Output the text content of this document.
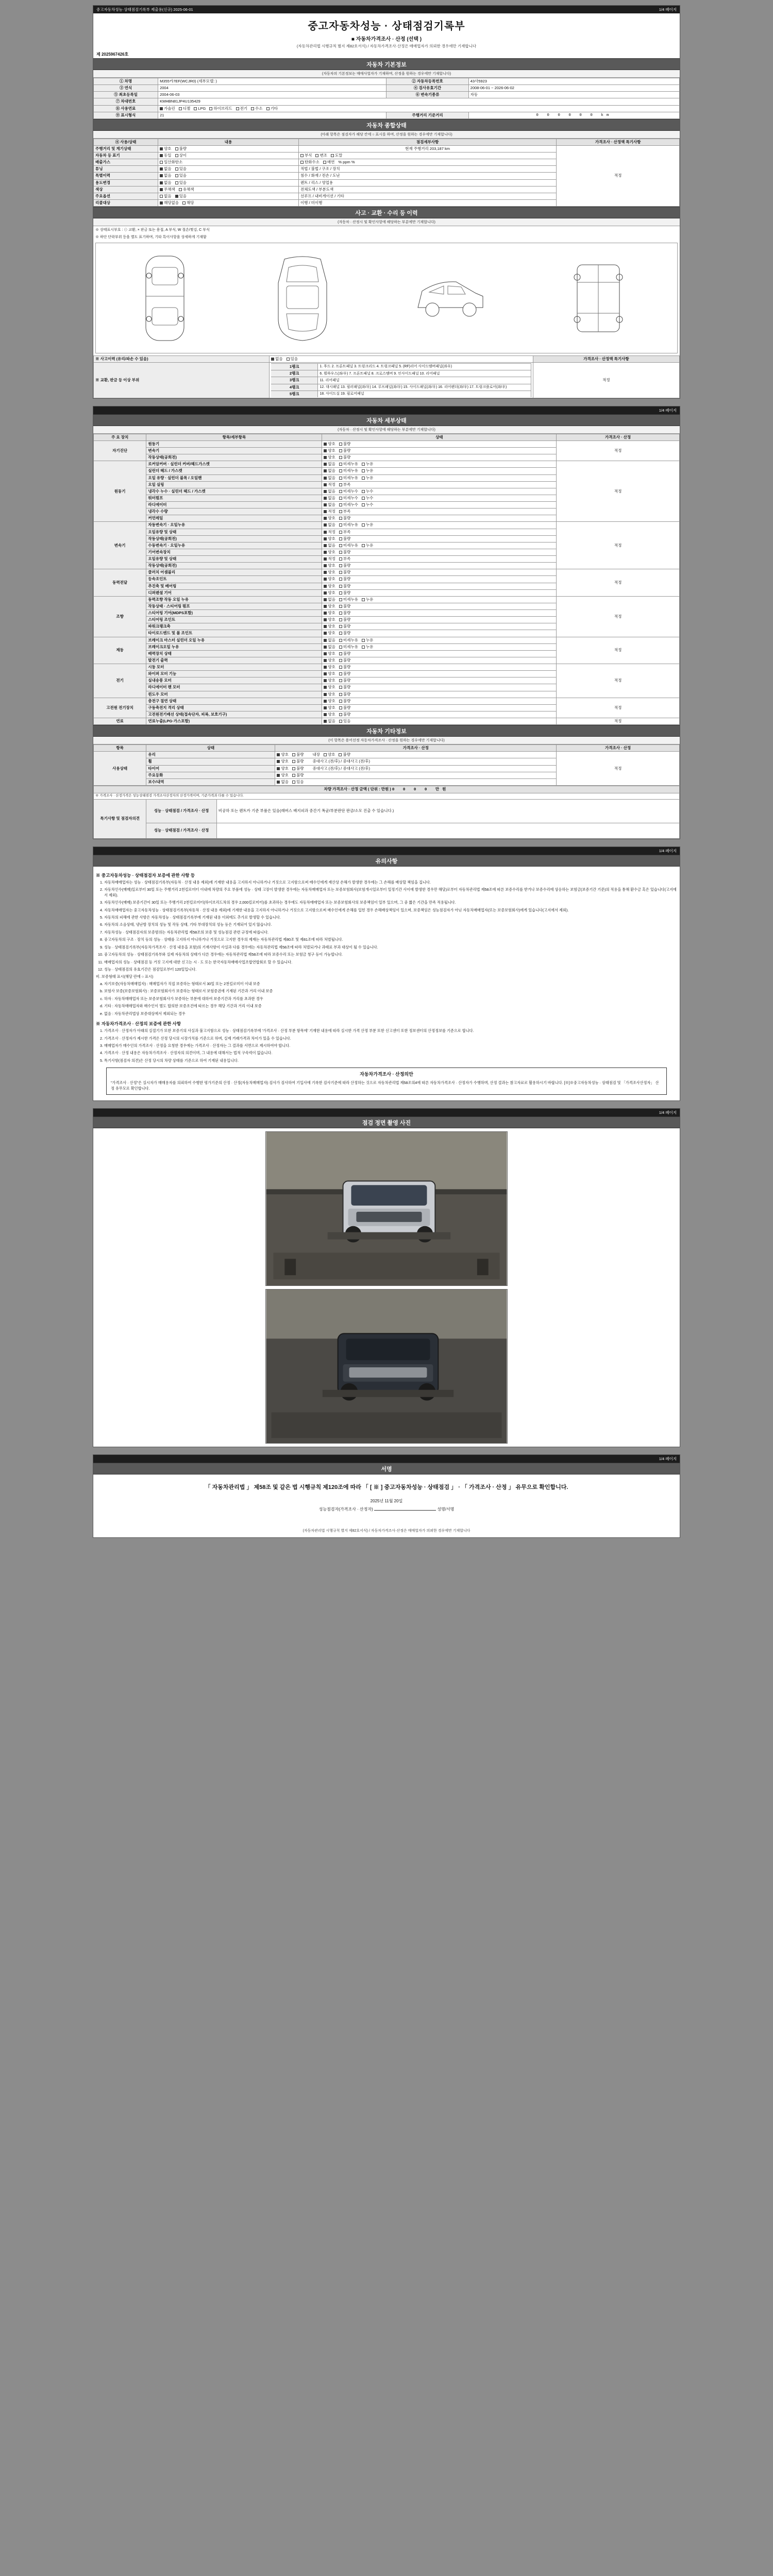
중고자동차성능·상태점검기록부 제출용(신규) 2025-06-01	1/4 페이지
중고자동차성능 · 상태점검기록부
■ 자동차가격조사 · 산정 (선택 )
(자동차관리법 시행규칙 별지 제82호서식) / 자동차가격조사·산정은 매매업자가 의뢰한 경우에만 기재합니다
제 2025967426호
자동차 기본정보
(자동차의 기본정보는 매매사업자가 기재하며, 산정을 원하는 경우에만 기재합니다)
① 차명	M355카7EF(WCJR0) (세부모델: )	② 자동차등록번호	43사5923
③ 연식	2004	④ 검사유효기간	2008-06-01 ~ 2026-06-02
⑤ 최초등록일	2004-06-03	⑥ 변속기종류	자동
⑦ 차대번호	KMHBN81JP4U135429		
⑧ 사용연료	가솔린	디젤	LPG	하이브리드	전기	수소	기타

⑨ 표시형식	21	주행거리 기준거리	0 0 0 0 0 0 km
자동차 종합상태
(아래 항목은 점검자가 해당 칸에 ○ 표시를 하며, 산정을 원하는 경우에만 기재합니다)
④ 사용/상태	내용	점검세부사항	가격조사 · 산정액 특기사항
주행거리 및 계기상태	양호 불량	현재 주행거리 203,187 km	적정
자동차 등 표기	동일 상이	부식 변조 도말	

배출가스	일산화탄소	탄화수소 매연 % ppm %	

튜닝	없음 있음	적법 / 불법 / 구조 / 장치	
특별이력	없음 있음	침수 / 화재 / 전손 / 도난	
용도변경	없음 있음	렌트 / 리스 / 영업용	
색상	무채색 유채색	전체도색 / 부분도색	
주요옵션	없음 있음	선루프 / 내비게이션 / 기타	
리콜대상	해당없음 해당	이행 / 미이행	
사고 · 교환 · 수리 등 이력
(자동차 · 산정시 및 확인사항에 해당하는 부분에만 기재합니다)
※ 상태표시부호 : ⊙ 교환, × 판금 또는 용접, A 부식, W 절손/찢김, C 부식
※ 하단 단락부위 등을 별도 표기하며, 기타 특이사항을 상세하게 기재함
※ 사고이력 (유리/파손 수 있음)	없음	있음	가격조사 · 산정액 특기사항
※ 교환, 판금 등 이상 부위	
1랭크	1. 후드 2. 프론트패널 3. 트렁크리드 4. 트렁크패널 5. (RF)리어 사이드멤버패널(좌우)
2랭크	6. 휠하우스(좌/우) 7. 프론트패널 8. 크로스멤버 9. 인사이드패널 10. 리어패널
3랭크	11. 리어패널
4랭크	12. 대시패널 13. 필러패널(좌/우) 14. 루프패널(좌/우) 15. 사이드패널(좌/우) 16. 리어펜더(좌/우) 17. 트렁크플로어(좌/우)
5랭크	18. 사이드실 19. 필로어패널
	적정
1/4 페이지
자동차 세부상태
(자동차 · 산정시 및 확인사항에 해당하는 부분에만 기재합니다)
주 요 장치	항목/세부항목	상태	가격조사 · 산정
자기진단	원동기	양호 불량	적정
	변속기	양호 불량	

	작동상태(공회전)	양호 불량	

원동기	로커암커버 · 실린더 커버/헤드가스켓	없음 미세누유 누유	적정
	실린더 헤드 / 가스켓	없음 미세누유 누유	

	오일 유량 · 실린더 블록 / 오일팬	없음 미세누유 누유	

	오일 실링	적정 부족	

	냉각수 누수 · 실린더 헤드 / 가스켓	없음 미세누수 누수	

	워터펌프	없음 미세누수 누수	

	라디에이터	없음 미세누수 누수	

	냉각수 수량	적정 부족	

	커먼레일	양호 불량	

변속기	자동변속기 · 오일누유	없음 미세누유 누유	적정
	오일유량 및 상태	적정 부족	

	작동상태(공회전)	양호 불량	

	수동변속기 · 오일누유	없음 미세누유 누유	

	기어변속장치	양호 불량	

	오일유량 및 상태	적정 부족	

	작동상태(공회전)	양호 불량	

동력전달	클러치 어셈블리	양호 불량	적정
	등속조인트	양호 불량	

	추진축 및 베어링	양호 불량	

	디퍼렌셜 기어	양호 불량	

조향	동력조향 작동 오일 누유	없음 미세누유 누유	적정
	작동상태 · 스티어링 펌프	양호 불량	

	스티어링 기어(MDPS포함)	양호 불량	

	스티어링 조인트	양호 불량	

	파워크랭크축	양호 불량	

	타이로드엔드 및 볼 조인트	양호 불량	

제동	브레이크 마스터 실린더 오일 누유	없음 미세누유 누유	적정
	브레이크오일 누유	없음 미세누유 누유	

	배력장치 상태	양호 불량	

	발전기 출력	양호 불량	

전기	시동 모터	양호 불량	적정
	와이퍼 모터 기능	양호 불량	

	실내송풍 모터	양호 불량	

	라디에이터 팬 모터	양호 불량	

	윈도우 모터	양호 불량	

고전원 전기장치	충전구 절연 상태	양호 불량	적정
	구동축전지 격리 상태	양호 불량	

	고전원전기배선 상태(접속단자, 피복, 보호기구)	양호 불량	

연료	연료누출(LPG·가스포함)	없음 있음	적정
자동차 기타정보
(이 항목은 용어선정 자동차가격조사 · 산정을 원하는 경우에만 기재합니다)
항목	상태	가격조사 · 산정	가격조사 · 산정
사용상태	유리	양호 불량 내장 양호 불량	적정
	휠	양호 불량 중대사고 (전/후) / 중대사고 (전/후)	

	타이어	양호 불량 중대사고 (전/후) / 중대사고 (전/후)	

	주요등화	양호 불량	

	보수/내역	없음 있음	
차량 가격조사 · 산정 금액 ( 단위 : 만원 ) 0 0 0 0 만원		
※ 가격조사 · 산정가격은 성능상태점검 가격조사산정자의 산정가격이며, 기준가격과 다를 수 있습니다.		
특기사항 및 점검자의견	성능 · 상태점검 / 가격조사 · 산정	비공하 또는 렌트카 기준 부품은 있음(래버스 배지피과 중간기 폭균/부분판단 판금/소모 진출 수 있습니다.)
	성능 · 상태점검 / 가격조사 · 산정	
1/4 페이지
유의사항
※ 중고자동차성능 · 상태점검자 보증에 관한 사항 등
1. 자동차매매업자는 성능 · 상태점검기록부(자동차 · 산정 내용 제외)에 기재한 내용을 고지하지 아니하거나 거짓으로 고지함으로써 매수인에게 재산상 손해가 발생한 경우에는 그 손해를 배상할 책임을 집니다.
2. 자동차인수(매매)일로부터 30일 또는 주행거리 2천킬로미터 이내에 차량의 주요 부품에 성능 · 상태 고장이 발생한 경우에는 자동차매매업자 또는 보증보험회사(보험개시일로부터 일정기간 사이에 발생한 경우만 해당)로부터 자동차관리법 제58조에 따른 보증수리를 받거나 보증수리에 상응하는 보험금(보증기간 기준)의 적용을 통해 환수금 혹은 있습니다(고지에서 제외).
3. 자동차인수(매매) 보증기간이 30일 또는 주행거리 2천킬로미터(하이브리드차의 경우 2,000킬로미터)를 초과하는 경우에도 자동차매매업자 또는 보증보험회사의 보증책임이 일부 있으며, 그 중 짧은 기간을 만족 적용됩니다.
4. 자동차매매업자는 중고자동차성능 · 상태점검기록부(자동차 · 산정 내용 제외)에 기재한 내용을 고지하지 아니하거나 거짓으로 고지함으로써 매수인에게 손해를 입힌 경우 손해배상책임이 있으며, 보증책임은 성능점검자가 아닌 자동차매매업자(또는 보증보험회사)에게 있습니다(고지에서 제외).
5. 자동차의 피해에 관한 사항은 자동차성능 · 상태점검기록부에 기재된 내용 이외에도 추가로 발생할 수 있습니다.
6. 자동차의 소음상태, 냉난방 장치의 성능 및 작동 상태, 기타 부대장치의 성능 등은 기재되어 있지 않습니다.
7. 자동차성능 · 상태점검자의 보증범위는 자동차관리법 제58조의 보증 및 성능점검 관련 규정에 따릅니다.
8. 중고자동차의 구조 · 장치 등의 성능 · 상태를 고지하지 아니하거나 거짓으로 고지한 경우의 제재는 자동차관리법 제80조 및 제81조에 따라 처벌됩니다.
9. 성능 · 상태점검기록부(자동차가격조사 · 산정 내용을 포함)의 기재사항이 사실과 다를 경우에는 자동차관리법 제58조에 따라 처벌되거나 과태료 부과 대상이 될 수 있습니다.
10. 중고자동차의 성능 · 상태점검기록부와 실제 자동차의 상태가 다른 경우에는 자동차관리법 제58조에 따라 보증수리 또는 보험금 청구 등이 가능합니다.
11. 매매업자의 성능 · 상태점검 등 거짓 고지에 대한 신고는 시 · 도 또는 한국자동차매매사업조합연합회로 할 수 있습니다.
12. 성능 · 상태점검의 유효기간은 점검일로부터 120일입니다.

비. 보증형태 표시(해당 란에 ○ 표시)

a. 자기보증(자동차매매업자) : 매매업자가 직접 보증하는 형태로서 30일 또는 2천킬로미터 이내 보증
b. 보험사 보증(보증보험회사) : 보증보험회사가 보증하는 형태로서 보험증권에 기재된 기간과 거리 이내 보증
c. 하자 : 자동차매매업자 또는 보증보험회사가 보증하는 부분에 대하여 보증기간과 거리를 초과한 경우
d. 기타 : 자동차매매업자와 매수인이 별도 합의한 보증조건에 따르는 경우 해당 기간과 거리 이내 보증
e. 없음 : 자동차관리법상 보증대상에서 제외되는 경우
※ 자동차가격조사 · 산정의 보증에 관한 사항
1. 가격조사 · 산정자가 아래의 실절기가 또한 보증기의 사실과 불고지함으로 성능 · 상태점검기록부에 '가격조사 · 산정 부분 항목에' 기재한 내용에 따라 실시한 가격 산정 부분 또한 신고센터 또한 정보센터의 산정정보를 기준으로 합니다.
2. 가격조사 · 산정자가 제시한 가격은 산정 당시의 시장가치를 기준으로 하며, 실제 거래가격과 차이가 있을 수 있습니다.
3. 매매업자가 매수인의 가격조사 · 산정을 요청한 경우에는 가격조사 · 산정자는 그 결과를 서면으로 제시하여야 합니다.
4. 가격조사 · 산정 내용은 자동차가격조사 · 산정자의 의견이며, 그 내용에 대해서는 법적 구속력이 없습니다.
5. 특기사항(점검자 의견)은 산정 당시의 차량 상태를 기준으로 하여 기재된 내용입니다.
자동차가격조사 · 산정의안
"가격조사 · 산정"은 실시자가 매매용자를 의뢰하여 수행한 평가기준의 산정 · 산정(자동차매매업자) 검사가 검사하여 기입사에 기록한 검사기준에 따라 산정하는 것으로 자동차관리법 제58조의4에 따른 자동차가격조사 · 산정자가 수행하며, 산정 결과는 참고자료로 활용하시기 바랍니다. [※]※중고자동차성능 · 상태점검 및 「가격조사산정자」 산정 유무모로 확인합니다.
1/4 페이지
점검 정면 촬영 사진
1/4 페이지
서명
「 자동차관리법 」 제58조 및 같은 법 시행규칙 제120조에 따라 「 [ ※ ] 중고자동차성능 · 상태점검 」 · 「 가격조사 · 산정 」 유무으로 확인합니다.
2025년 11월 20일
성능점검자(가격조사 · 산정자)	성명/서명
(자동차관리법 시행규칙 별지 제82호서식) / 자동차가격조사·산정은 매매업자가 의뢰한 경우에만 기재합니다
